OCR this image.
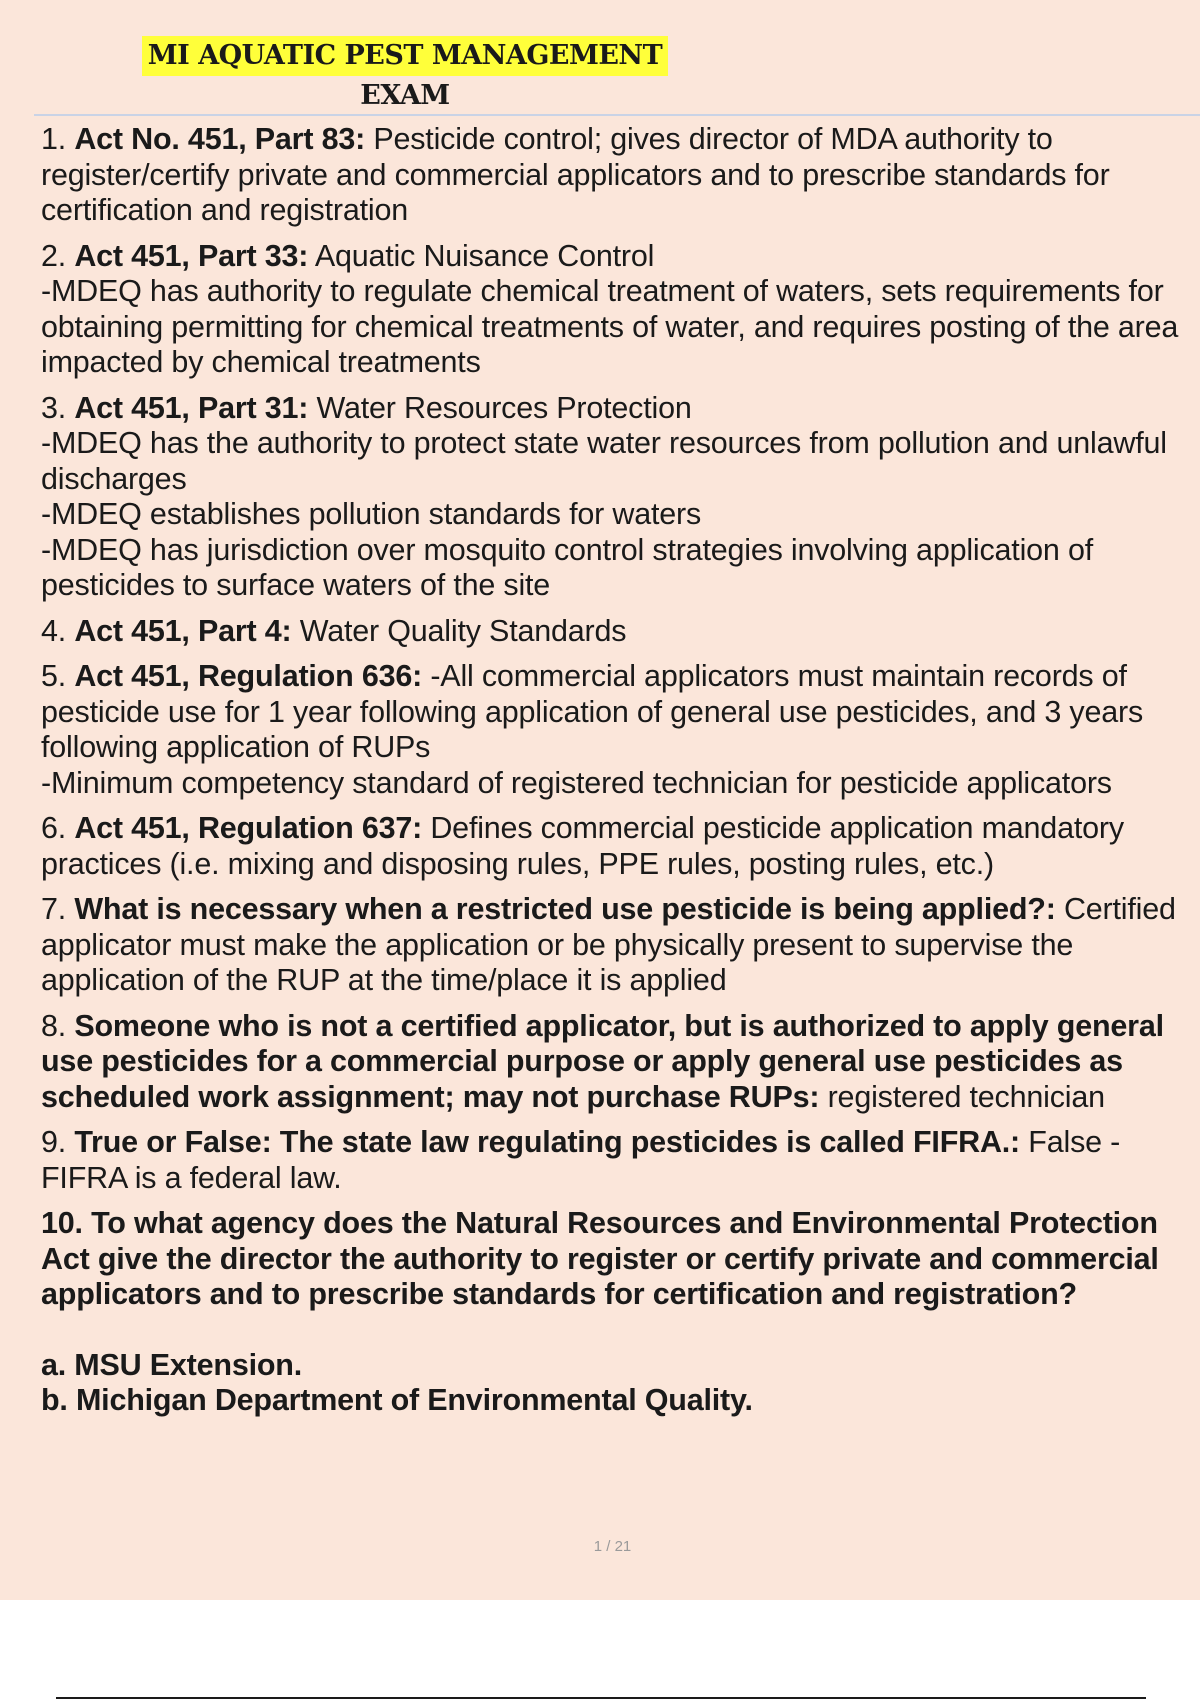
MI AQUATIC PEST MANAGEMENT
EXAM

1. Act No. 451, Part 83: Pesticide control; gives director of MDA authority to register/certify private and commercial applicators and to prescribe standards for certification and registration

2. Act 451, Part 33: Aquatic Nuisance Control

-MDEQ has authority to regulate chemical treatment of waters, sets requirements for obtaining permitting for chemical treatments of water, and requires posting of the area impacted by chemical treatments

3. Act 451, Part 31: Water Resources Protection

-MDEQ has the authority to protect state water resources from pollution and unlawful discharges

-MDEQ establishes pollution standards for waters

-MDEQ has jurisdiction over mosquito control strategies involving application of pesticides to surface waters of the site

4. Act 451, Part 4: Water Quality Standards

5. Act 451, Regulation 636: -All commercial applicators must maintain records of pesticide use for 1 year following application of general use pesticides, and 3 years following application of RUPs

-Minimum competency standard of registered technician for pesticide applicators

6. Act 451, Regulation 637: Defines commercial pesticide application mandatory practices (i.e. mixing and disposing rules, PPE rules, posting rules, etc.)

7. What is necessary when a restricted use pesticide is being applied?: Certified applicator must make the application or be physically present to supervise the application of the RUP at the time/place it is applied

8. Someone who is not a certified applicator, but is authorized to apply general use pesticides for a commercial purpose or apply general use pesticides as scheduled work assignment; may not purchase RUPs: registered technician

9. True or False: The state law regulating pesticides is called FIFRA.: False - FIFRA is a federal law.

10. To what agency does the Natural Resources and Environmental Protection Act give the director the authority to register or certify private and commercial applicators and to prescribe standards for certification and registration?

a. MSU Extension.

b. Michigan Department of Environmental Quality.

1 / 21
